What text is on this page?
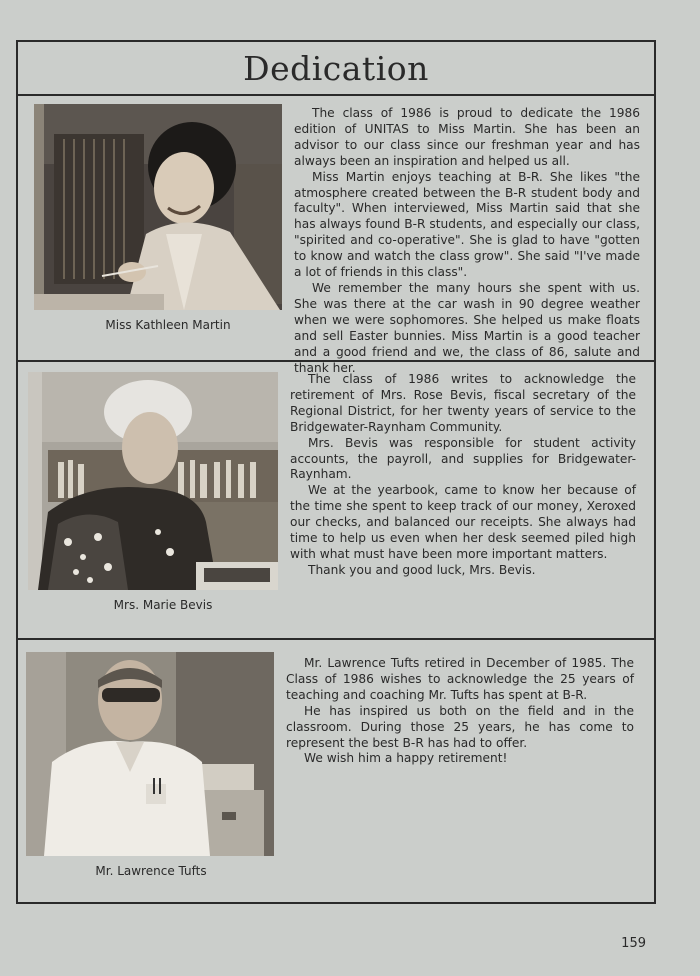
Dedication
Miss Kathleen Martin

The class of 1986 is proud to dedicate the 1986 edition of UNITAS to Miss Martin. She has been an advisor to our class since our freshman year and has always been an inspiration and helped us all.

Miss Martin enjoys teaching at B-R. She likes "the atmosphere created between the B-R student body and faculty". When interviewed, Miss Martin said that she has always found B-R students, and especially our class, "spirited and co-operative". She is glad to have "gotten to know and watch the class grow". She said "I've made a lot of friends in this class".

We remember the many hours she spent with us. She was there at the car wash in 90 degree weather when we were sophomores. She helped us make floats and sell Easter bunnies. Miss Martin is a good teacher and a good friend and we, the class of 86, salute and thank her.

Mrs. Marie Bevis

The class of 1986 writes to acknowledge the retirement of Mrs. Rose Bevis, fiscal secretary of the Regional District, for her twenty years of service to the Bridgewater-Raynham Community.

Mrs. Bevis was responsible for student activity accounts, the payroll, and supplies for Bridgewater-Raynham.

We at the yearbook, came to know her because of the time she spent to keep track of our money, Xeroxed our checks, and balanced our receipts. She always had time to help us even when her desk seemed piled high with what must have been more important matters.

Thank you and good luck, Mrs. Bevis.

Mr. Lawrence Tufts

Mr. Lawrence Tufts retired in December of 1985. The Class of 1986 wishes to acknowledge the 25 years of teaching and coaching Mr. Tufts has spent at B-R.

He has inspired us both on the field and in the classroom. During those 25 years, he has come to represent the best B-R has had to offer.

We wish him a happy retirement!

159
